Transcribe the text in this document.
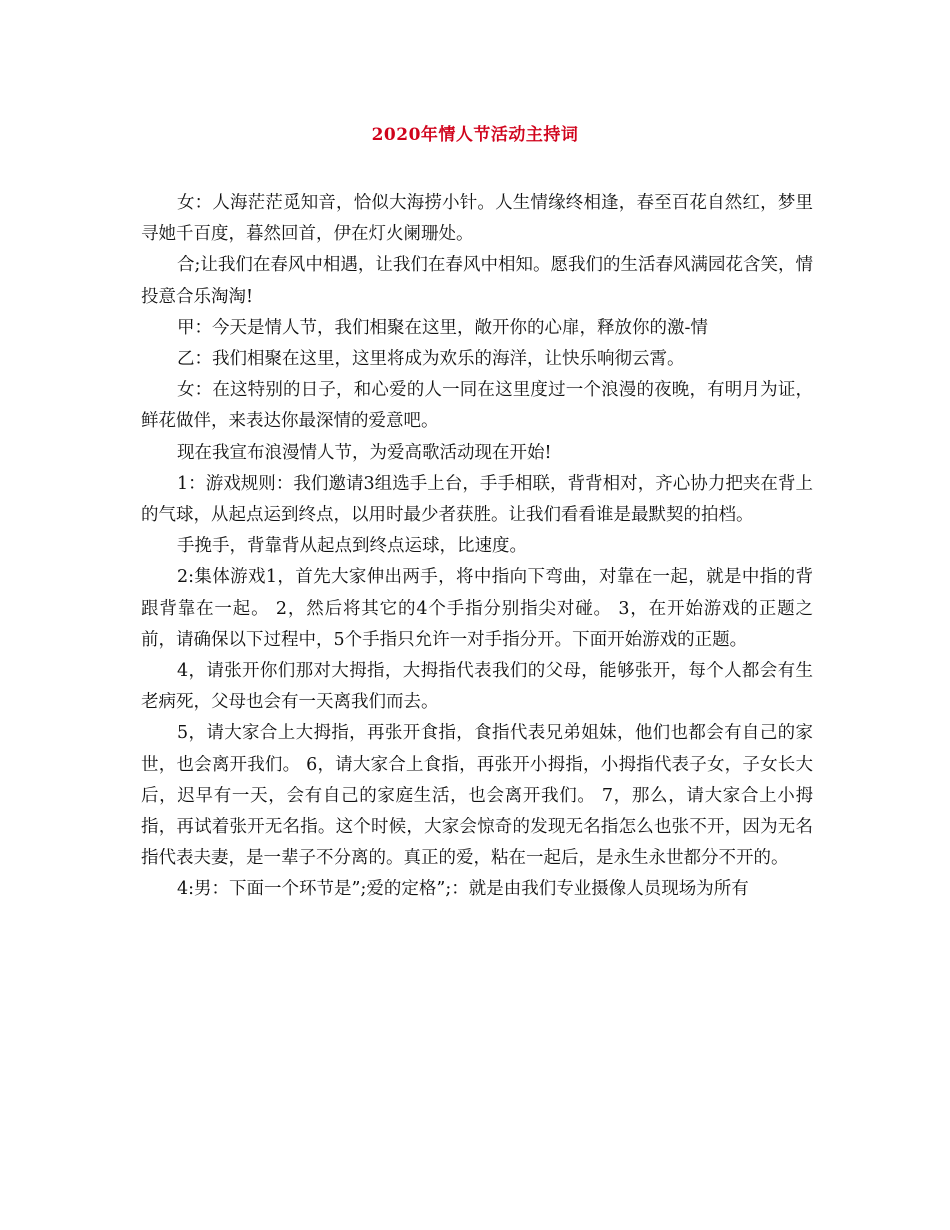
2020年情人节活动主持词

女：人海茫茫觅知音，恰似大海捞小针。人生情缘终相逢，春至百花自然红，梦里寻她千百度，暮然回首，伊在灯火阑珊处。

合;让我们在春风中相遇，让我们在春风中相知。愿我们的生活春风满园花含笑，情投意合乐淘淘!

甲：今天是情人节，我们相聚在这里，敞开你的心扉，释放你的激-情

乙：我们相聚在这里，这里将成为欢乐的海洋，让快乐响彻云霄。

女：在这特别的日子，和心爱的人一同在这里度过一个浪漫的夜晚，有明月为证，鲜花做伴，来表达你最深情的爱意吧。

现在我宣布浪漫情人节，为爱高歌活动现在开始!

1：游戏规则：我们邀请3组选手上台，手手相联，背背相对，齐心协力把夹在背上的气球，从起点运到终点，以用时最少者获胜。让我们看看谁是最默契的拍档。

手挽手，背靠背从起点到终点运球，比速度。

2:集体游戏1，首先大家伸出两手，将中指向下弯曲，对靠在一起，就是中指的背跟背靠在一起。 2，然后将其它的4个手指分别指尖对碰。 3，在开始游戏的正题之前，请确保以下过程中，5个手指只允许一对手指分开。下面开始游戏的正题。

4，请张开你们那对大拇指，大拇指代表我们的父母，能够张开，每个人都会有生老病死，父母也会有一天离我们而去。

5，请大家合上大拇指，再张开食指，食指代表兄弟姐妹，他们也都会有自己的家世，也会离开我们。 6，请大家合上食指，再张开小拇指，小拇指代表子女，子女长大后，迟早有一天，会有自己的家庭生活，也会离开我们。 7，那么，请大家合上小拇指，再试着张开无名指。这个时候，大家会惊奇的发现无名指怎么也张不开，因为无名指代表夫妻，是一辈子不分离的。真正的爱，粘在一起后，是永生永世都分不开的。

4:男：下面一个环节是”;爱的定格”;：就是由我们专业摄像人员现场为所有
